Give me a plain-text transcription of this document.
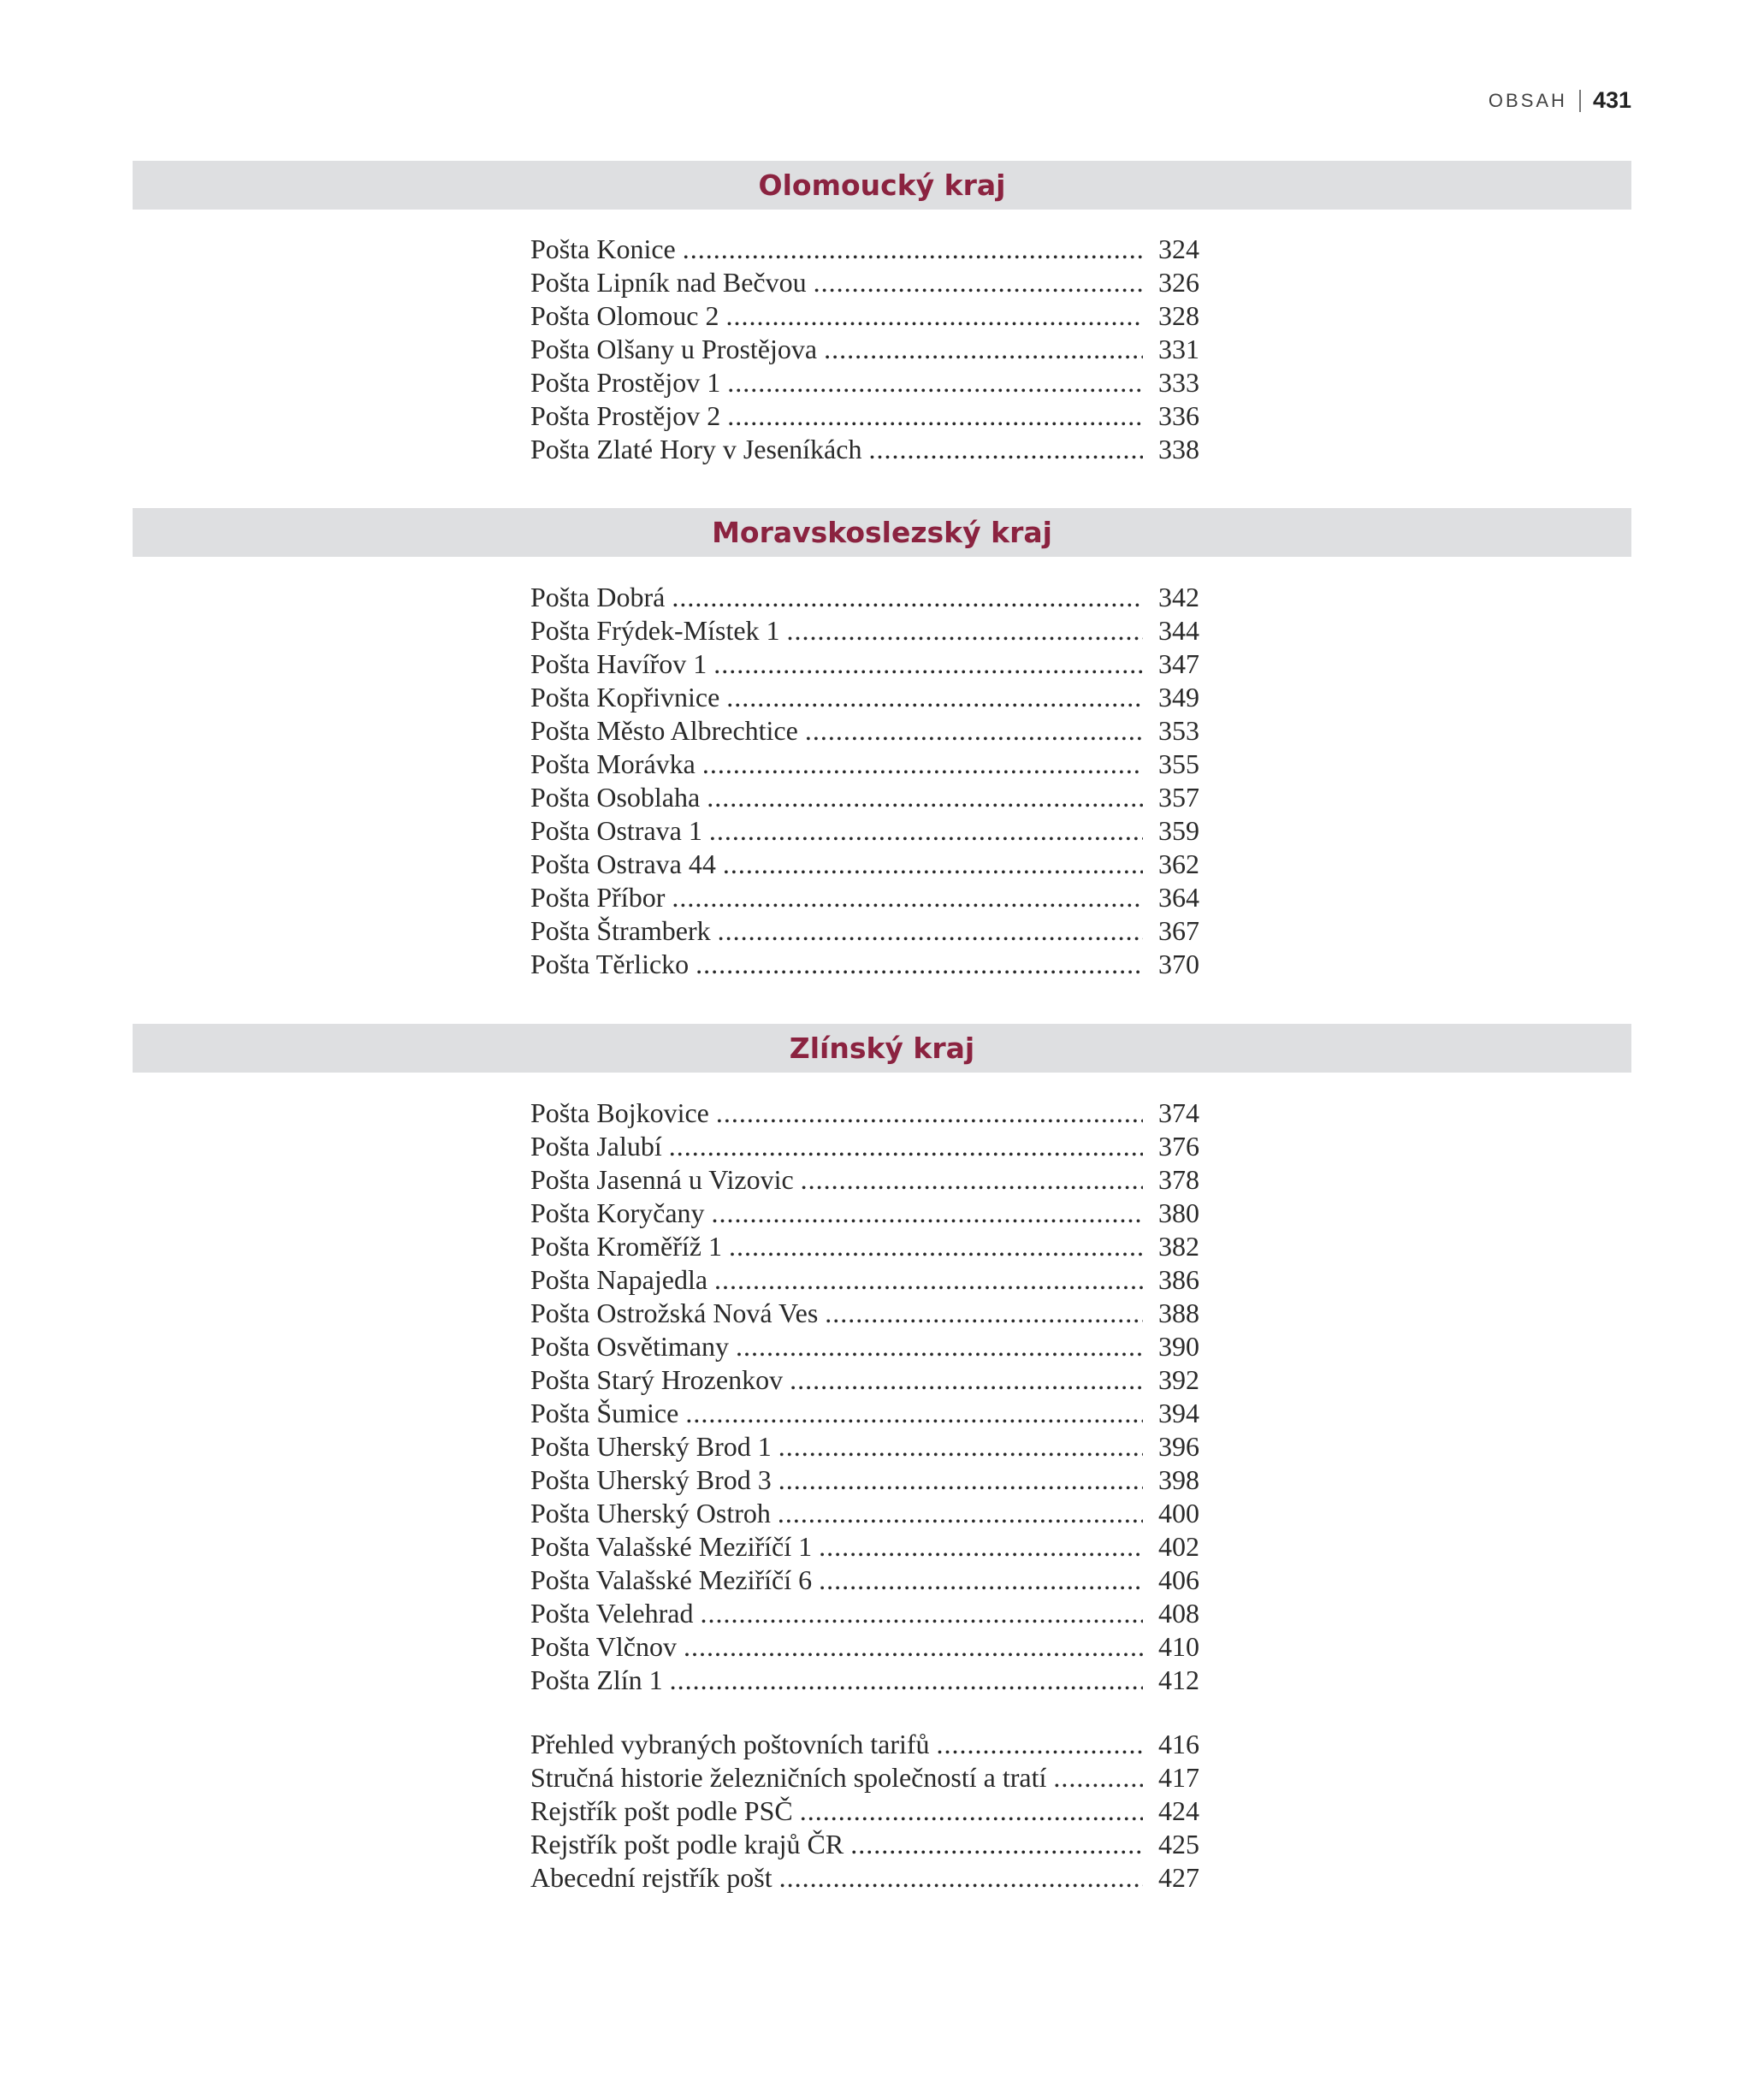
OBSAH 431
Olomoucký kraj
Pošta Konice .....	324
Pošta Lipník nad Bečvou .....	326
Pošta Olomouc 2 .....	328
Pošta Olšany u Prostějova .....	331
Pošta Prostějov 1 .....	333
Pošta Prostějov 2 .....	336
Pošta Zlaté Hory v Jeseníkách .....	338
Moravskoslezský kraj
Pošta Dobrá .....	342
Pošta Frýdek-Místek 1 .....	344
Pošta Havířov 1 .....	347
Pošta Kopřivnice .....	349
Pošta Město Albrechtice .....	353
Pošta Morávka .....	355
Pošta Osoblaha .....	357
Pošta Ostrava 1 .....	359
Pošta Ostrava 44 .....	362
Pošta Příbor .....	364
Pošta Štramberk .....	367
Pošta Těrlicko .....	370
Zlínský kraj
Pošta Bojkovice .....	374
Pošta Jalubí .....	376
Pošta Jasenná u Vizovic .....	378
Pošta Koryčany .....	380
Pošta Kroměříž 1 .....	382
Pošta Napajedla .....	386
Pošta Ostrožská Nová Ves .....	388
Pošta Osvětimany .....	390
Pošta Starý Hrozenkov .....	392
Pošta Šumice .....	394
Pošta Uherský Brod 1 .....	396
Pošta Uherský Brod 3 .....	398
Pošta Uherský Ostroh .....	400
Pošta Valašské Meziříčí 1 .....	402
Pošta Valašské Meziříčí 6 .....	406
Pošta Velehrad .....	408
Pošta Vlčnov .....	410
Pošta Zlín 1 .....	412
Přehled vybraných poštovních tarifů .....	416
Stručná historie železničních společností a tratí .....	417
Rejstřík pošt podle PSČ .....	424
Rejstřík pošt podle krajů ČR .....	425
Abecední rejstřík pošt .....	427
